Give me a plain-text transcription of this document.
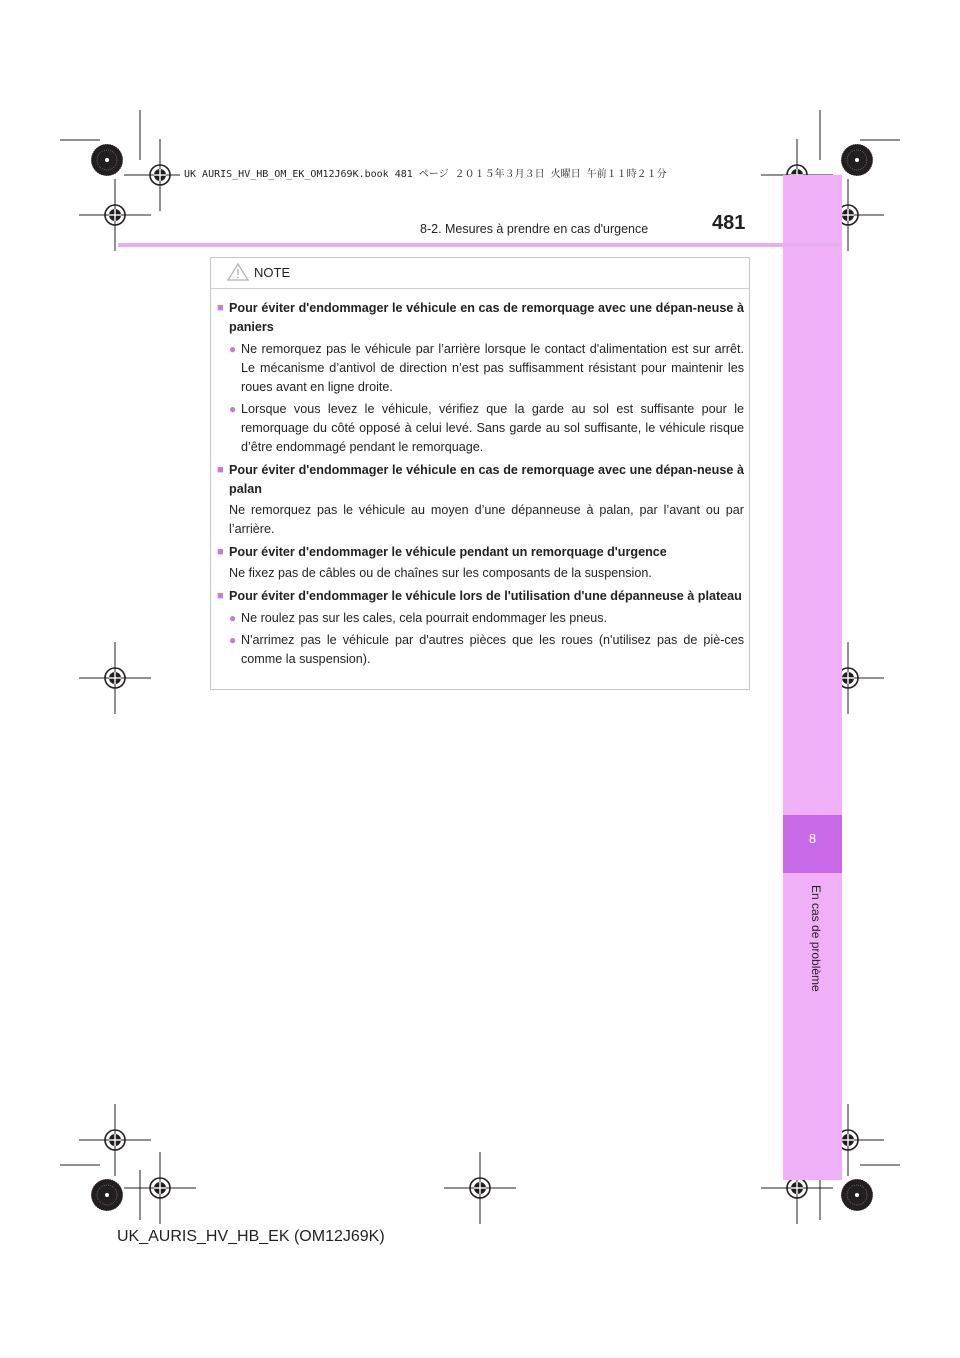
UK AURIS_HV_HB_OM_EK_OM12J69K.book 481 ページ ２０１５年３月３日 火曜日 午前１１時２１分
8
En cas de problème
481
8-2. Mesures à prendre en cas d'urgence
NOTE
■ Pour éviter d'endommager le véhicule en cas de remorquage avec une dépan-neuse à paniers
● Ne remorquez pas le véhicule par l’arrière lorsque le contact d'alimentation est sur arrêt. Le mécanisme d’antivol de direction n’est pas suffisamment résistant pour maintenir les roues avant en ligne droite.
● Lorsque vous levez le véhicule, vérifiez que la garde au sol est suffisante pour le remorquage du côté opposé à celui levé. Sans garde au sol suffisante, le véhicule risque d’être endommagé pendant le remorquage.
■ Pour éviter d'endommager le véhicule en cas de remorquage avec une dépan-neuse à palan
Ne remorquez pas le véhicule au moyen d’une dépanneuse à palan, par l’avant ou par l’arrière.
■ Pour éviter d'endommager le véhicule pendant un remorquage d'urgence
Ne fixez pas de câbles ou de chaînes sur les composants de la suspension.
■ Pour éviter d'endommager le véhicule lors de l'utilisation d'une dépanneuse à plateau
● Ne roulez pas sur les cales, cela pourrait endommager les pneus.
● N'arrimez pas le véhicule par d'autres pièces que les roues (n'utilisez pas de piè-ces comme la suspension).
UK_AURIS_HV_HB_EK (OM12J69K)
